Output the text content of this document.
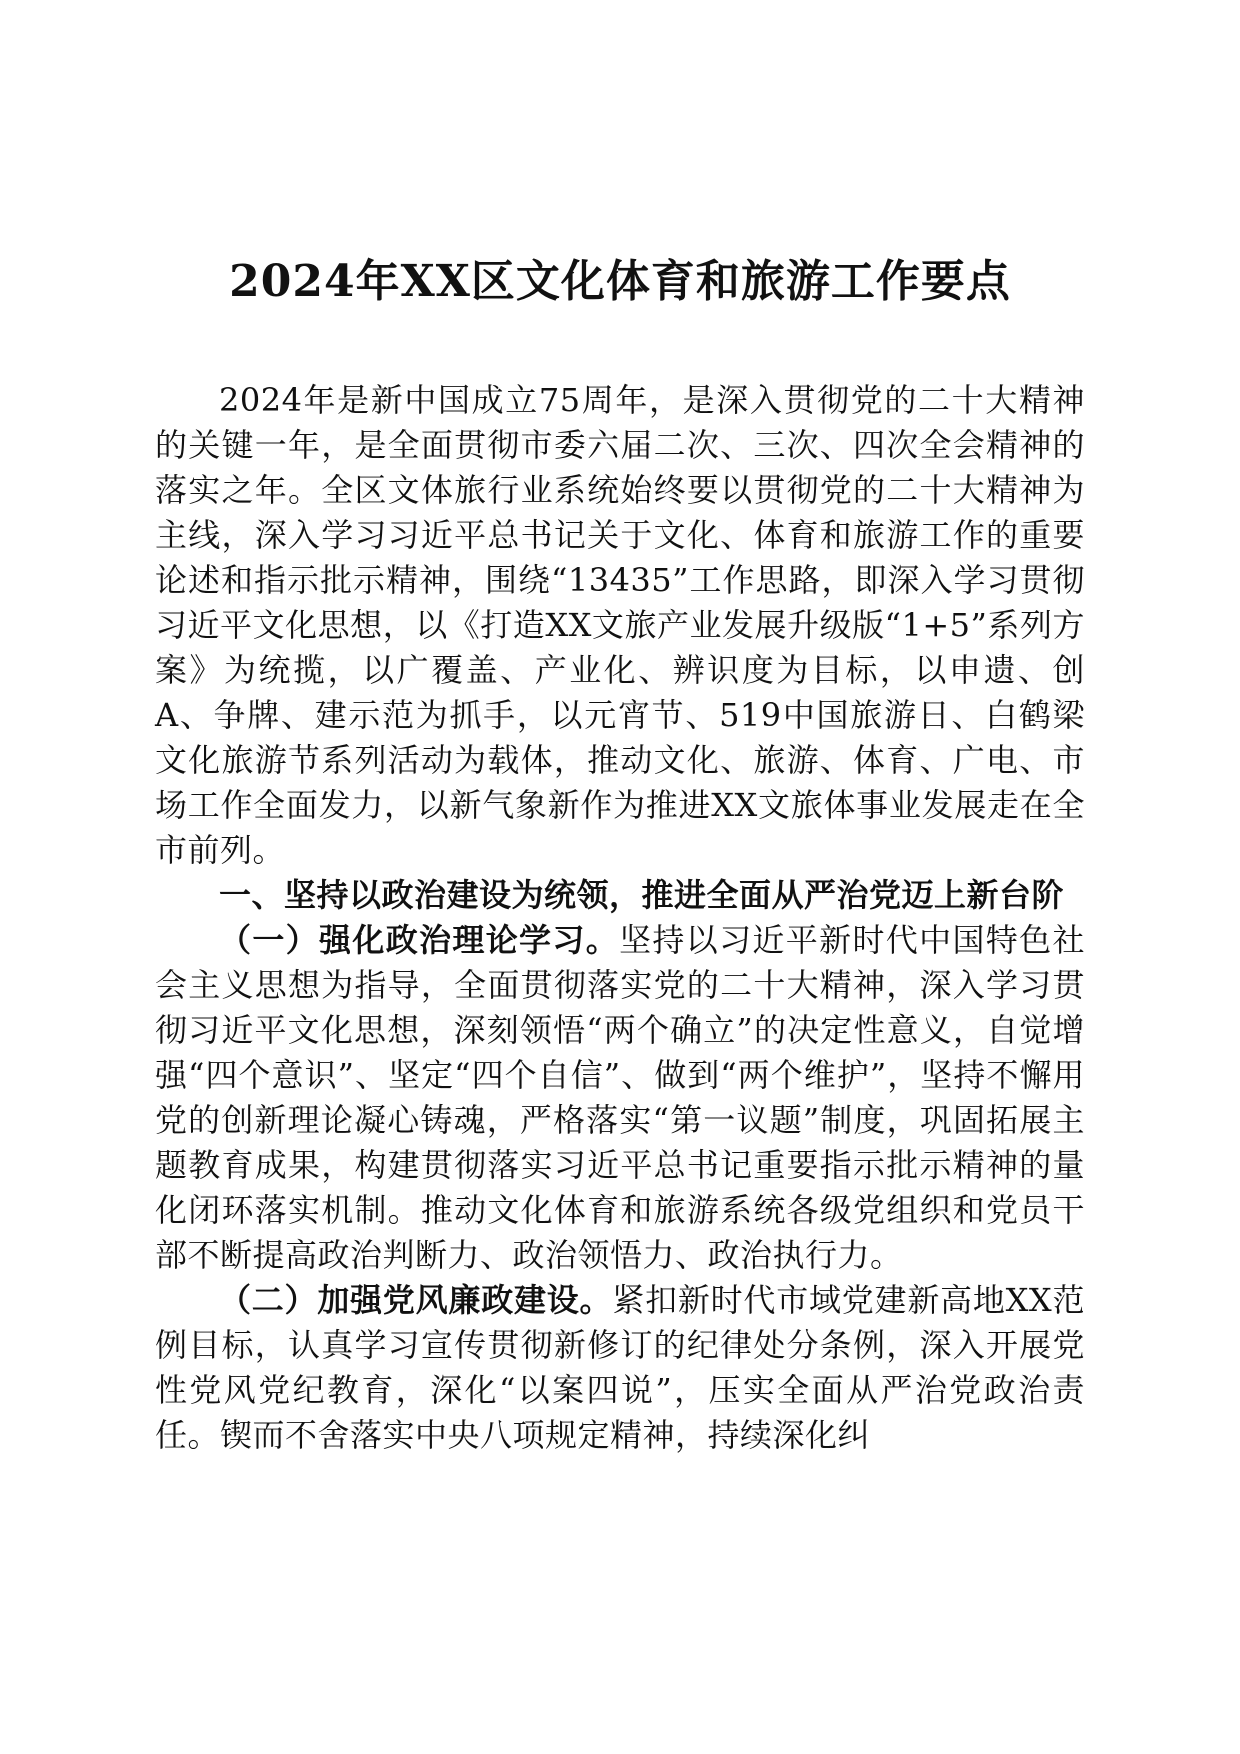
2024年XX区文化体育和旅游工作要点

2024年是新中国成立75周年，是深入贯彻党的二十大精神的关键一年，是全面贯彻市委六届二次、三次、四次全会精神的落实之年。全区文体旅行业系统始终要以贯彻党的二十大精神为主线，深入学习习近平总书记关于文化、体育和旅游工作的重要论述和指示批示精神，围绕“13435”工作思路，即深入学习贯彻习近平文化思想，以《打造XX文旅产业发展升级版“1+5”系列方案》为统揽，以广覆盖、产业化、辨识度为目标，以申遗、创A、争牌、建示范为抓手，以元宵节、519中国旅游日、白鹤梁文化旅游节系列活动为载体，推动文化、旅游、体育、广电、市场工作全面发力，以新气象新作为推进XX文旅体事业发展走在全市前列。

一、坚持以政治建设为统领，推进全面从严治党迈上新台阶

（一）强化政治理论学习。坚持以习近平新时代中国特色社会主义思想为指导，全面贯彻落实党的二十大精神，深入学习贯彻习近平文化思想，深刻领悟“两个确立”的决定性意义，自觉增强“四个意识”、坚定“四个自信”、做到“两个维护”，坚持不懈用党的创新理论凝心铸魂，严格落实“第一议题”制度，巩固拓展主题教育成果，构建贯彻落实习近平总书记重要指示批示精神的量化闭环落实机制。推动文化体育和旅游系统各级党组织和党员干部不断提高政治判断力、政治领悟力、政治执行力。

（二）加强党风廉政建设。紧扣新时代市域党建新高地XX范例目标，认真学习宣传贯彻新修订的纪律处分条例，深入开展党性党风党纪教育，深化“以案四说”，压实全面从严治党政治责任。锲而不舍落实中央八项规定精神，持续深化纠
